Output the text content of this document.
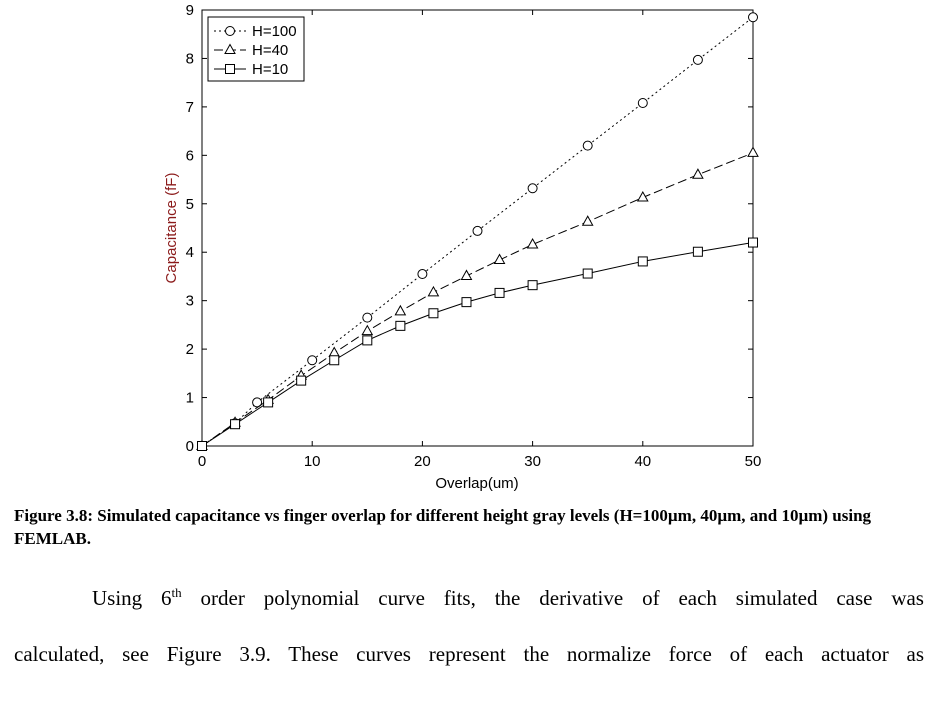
0	10	20	30	40	50
0
1
2
3
4
5
6
7
8
9
H=100
H=40
H=10
Overlap(um)
Capacitance (fF)
Figure 3.8: Simulated capacitance vs finger overlap for different height gray levels (H=100µm, 40µm, and 10µm) using FEMLAB.
Using 6th order polynomial curve fits, the derivative of each simulated case was
calculated, see Figure 3.9. These curves represent the normalize force of each actuator as
